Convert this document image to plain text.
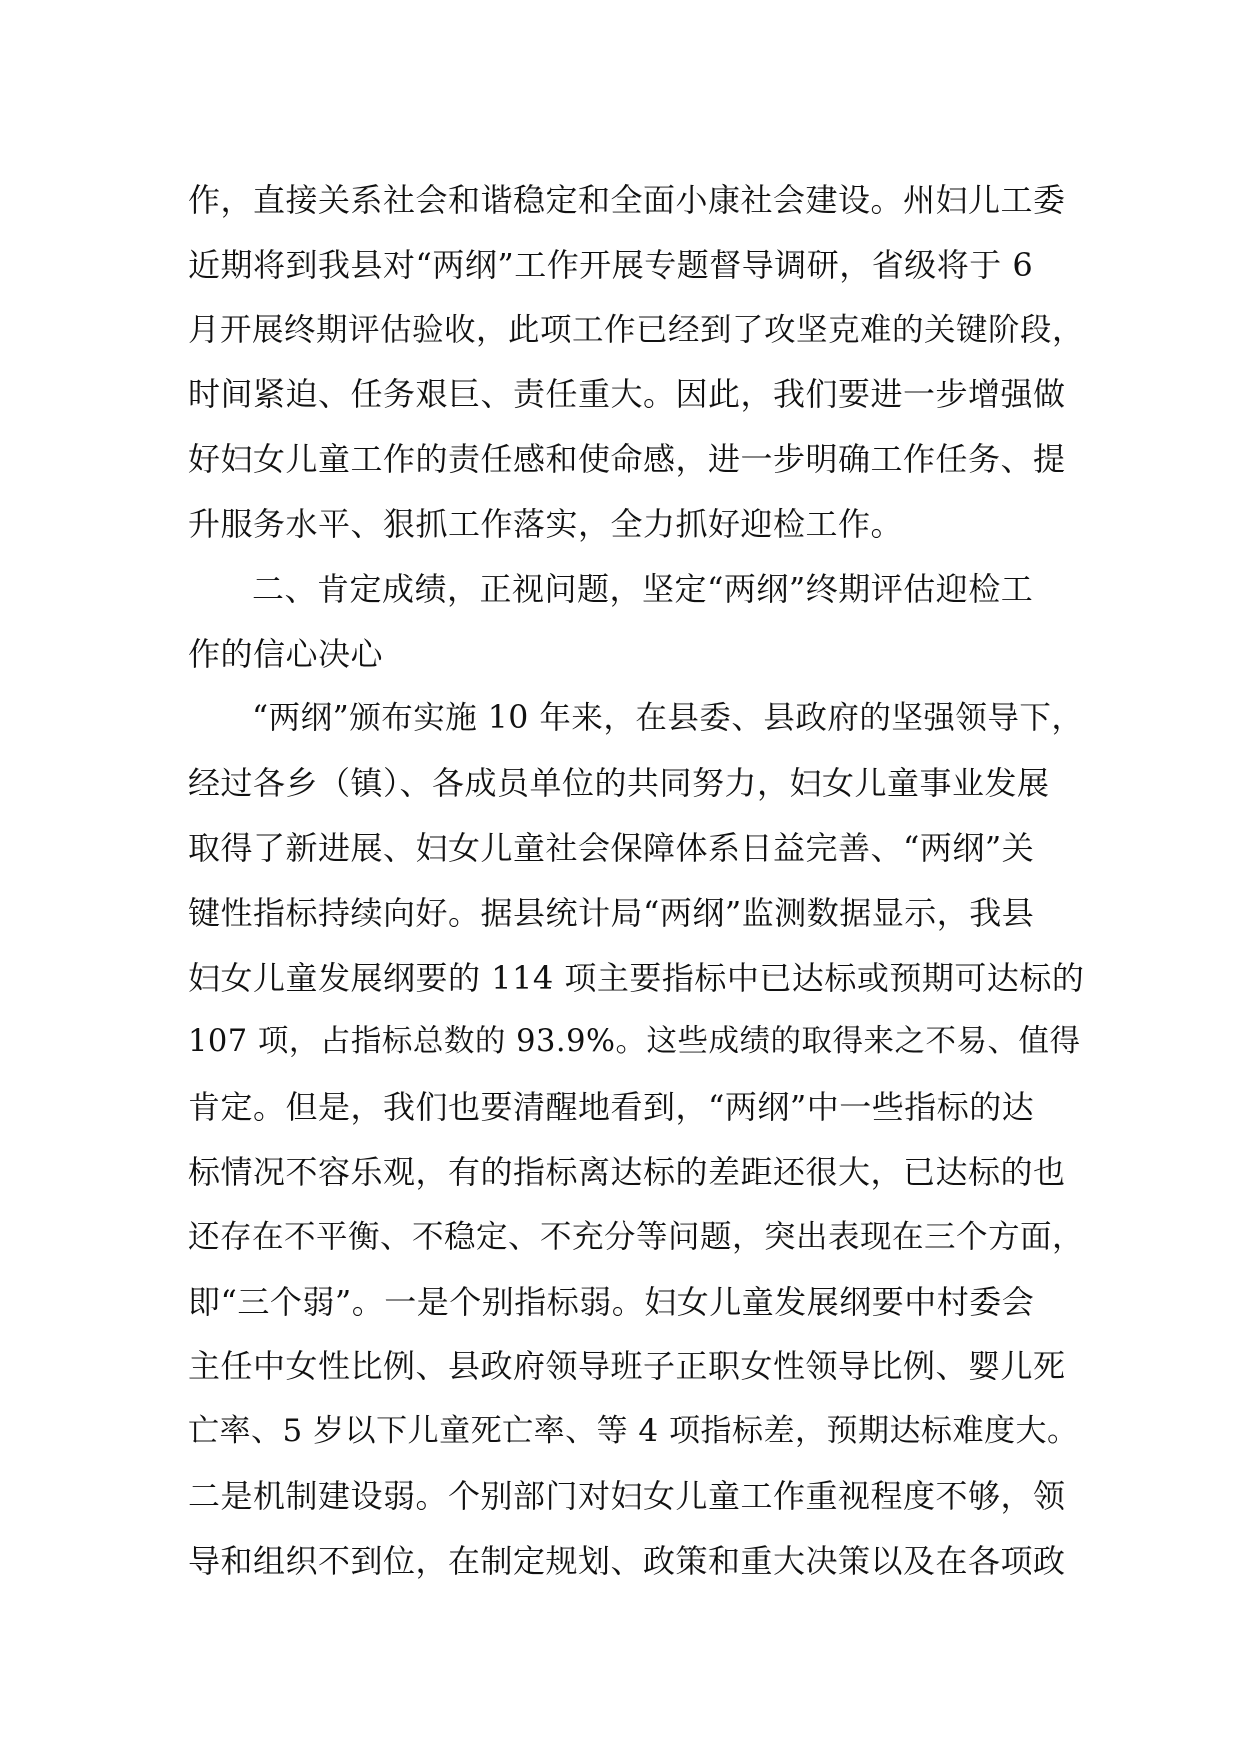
作，直接关系社会和谐稳定和全面小康社会建设。州妇儿工委
近期将到我县对“两纲”工作开展专题督导调研，省级将于 6
月开展终期评估验收，此项工作已经到了攻坚克难的关键阶段，
时间紧迫、任务艰巨、责任重大。因此，我们要进一步增强做
好妇女儿童工作的责任感和使命感，进一步明确工作任务、提
升服务水平、狠抓工作落实，全力抓好迎检工作。
二、肯定成绩，正视问题，坚定“两纲”终期评估迎检工
作的信心决心
“两纲”颁布实施 10 年来，在县委、县政府的坚强领导下，
经过各乡（镇）、各成员单位的共同努力，妇女儿童事业发展
取得了新进展、妇女儿童社会保障体系日益完善、“两纲”关
键性指标持续向好。据县统计局“两纲”监测数据显示，我县
妇女儿童发展纲要的 114 项主要指标中已达标或预期可达标的
107 项，占指标总数的 93.9%。这些成绩的取得来之不易、值得
肯定。但是，我们也要清醒地看到，“两纲”中一些指标的达
标情况不容乐观，有的指标离达标的差距还很大，已达标的也
还存在不平衡、不稳定、不充分等问题，突出表现在三个方面，
即“三个弱”。一是个别指标弱。妇女儿童发展纲要中村委会
主任中女性比例、县政府领导班子正职女性领导比例、婴儿死
亡率、5 岁以下儿童死亡率、等 4 项指标差，预期达标难度大。
二是机制建设弱。个别部门对妇女儿童工作重视程度不够，领
导和组织不到位，在制定规划、政策和重大决策以及在各项政
